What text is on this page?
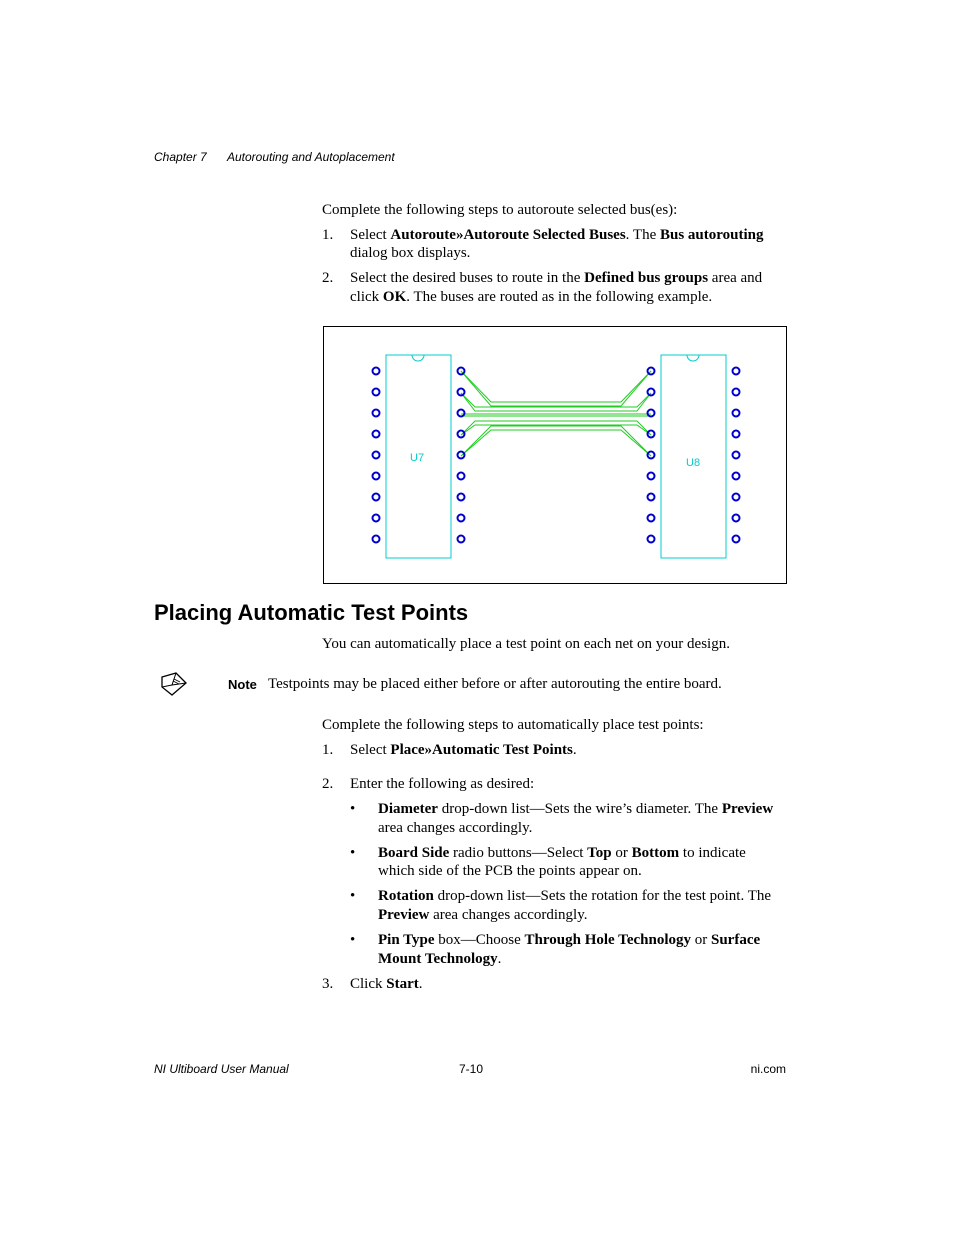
Chapter 7 Autorouting and Autoplacement
Complete the following steps to autoroute selected bus(es):
1. Select Autoroute»Autoroute Selected Buses. The Bus autorouting
dialog box displays.
2. Select the desired buses to route in the Defined bus groups area and
click OK. The buses are routed as in the following example.
U7	U8
Placing Automatic Test Points
You can automatically place a test point on each net on your design.
Note Testpoints may be placed either before or after autorouting the entire board.
Complete the following steps to automatically place test points:
1. Select Place»Automatic Test Points.
2. Enter the following as desired:
• Diameter drop-down list—Sets the wire’s diameter. The Preview
area changes accordingly.
• Board Side radio buttons—Select Top or Bottom to indicate
which side of the PCB the points appear on.
• Rotation drop-down list—Sets the rotation for the test point. The
Preview area changes accordingly.
• Pin Type box—Choose Through Hole Technology or Surface
Mount Technology.
3. Click Start.
NI Ultiboard User Manual	7-10	ni.com
